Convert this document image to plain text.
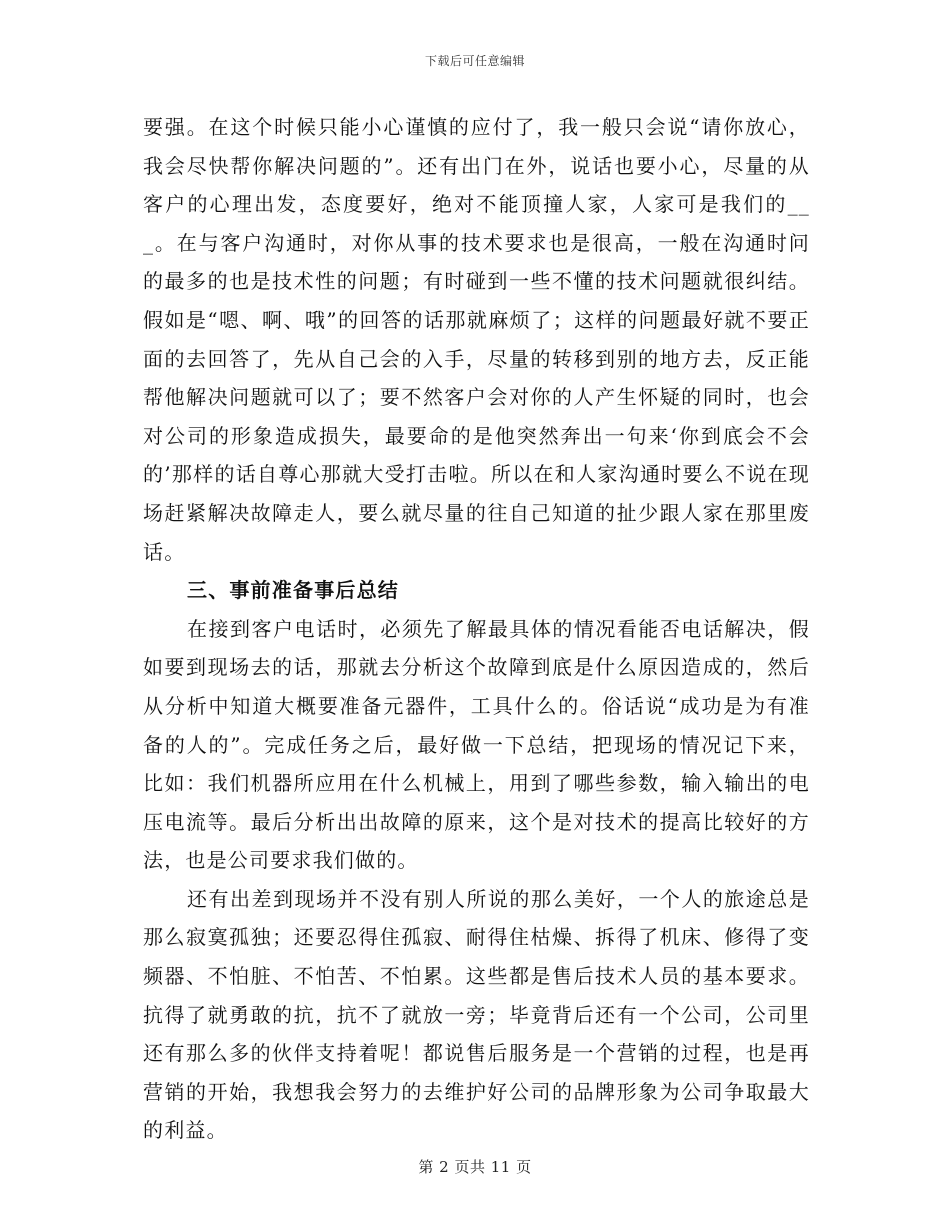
下载后可任意编辑

要强。在这个时候只能小心谨慎的应付了，我一般只会说“请你放心，我会尽快帮你解决问题的”。还有出门在外，说话也要小心，尽量的从客户的心理出发，态度要好，绝对不能顶撞人家，人家可是我们的___。在与客户沟通时，对你从事的技术要求也是很高，一般在沟通时问的最多的也是技术性的问题；有时碰到一些不懂的技术问题就很纠结。假如是“嗯、啊、哦”的回答的话那就麻烦了；这样的问题最好就不要正面的去回答了，先从自己会的入手，尽量的转移到别的地方去，反正能帮他解决问题就可以了；要不然客户会对你的人产生怀疑的同时，也会对公司的形象造成损失，最要命的是他突然奔出一句来‘你到底会不会的’那样的话自尊心那就大受打击啦。所以在和人家沟通时要么不说在现场赶紧解决故障走人，要么就尽量的往自己知道的扯少跟人家在那里废话。

三、事前准备事后总结

在接到客户电话时，必须先了解最具体的情况看能否电话解决，假如要到现场去的话，那就去分析这个故障到底是什么原因造成的，然后从分析中知道大概要准备元器件，工具什么的。俗话说“成功是为有准备的人的”。完成任务之后，最好做一下总结，把现场的情况记下来，比如：我们机器所应用在什么机械上，用到了哪些参数，输入输出的电压电流等。最后分析出出故障的原来，这个是对技术的提高比较好的方法，也是公司要求我们做的。

还有出差到现场并不没有别人所说的那么美好，一个人的旅途总是那么寂寞孤独；还要忍得住孤寂、耐得住枯燥、拆得了机床、修得了变频器、不怕脏、不怕苦、不怕累。这些都是售后技术人员的基本要求。抗得了就勇敢的抗，抗不了就放一旁；毕竟背后还有一个公司，公司里还有那么多的伙伴支持着呢！都说售后服务是一个营销的过程，也是再营销的开始，我想我会努力的去维护好公司的品牌形象为公司争取最大的利益。

第 2 页共 11 页
